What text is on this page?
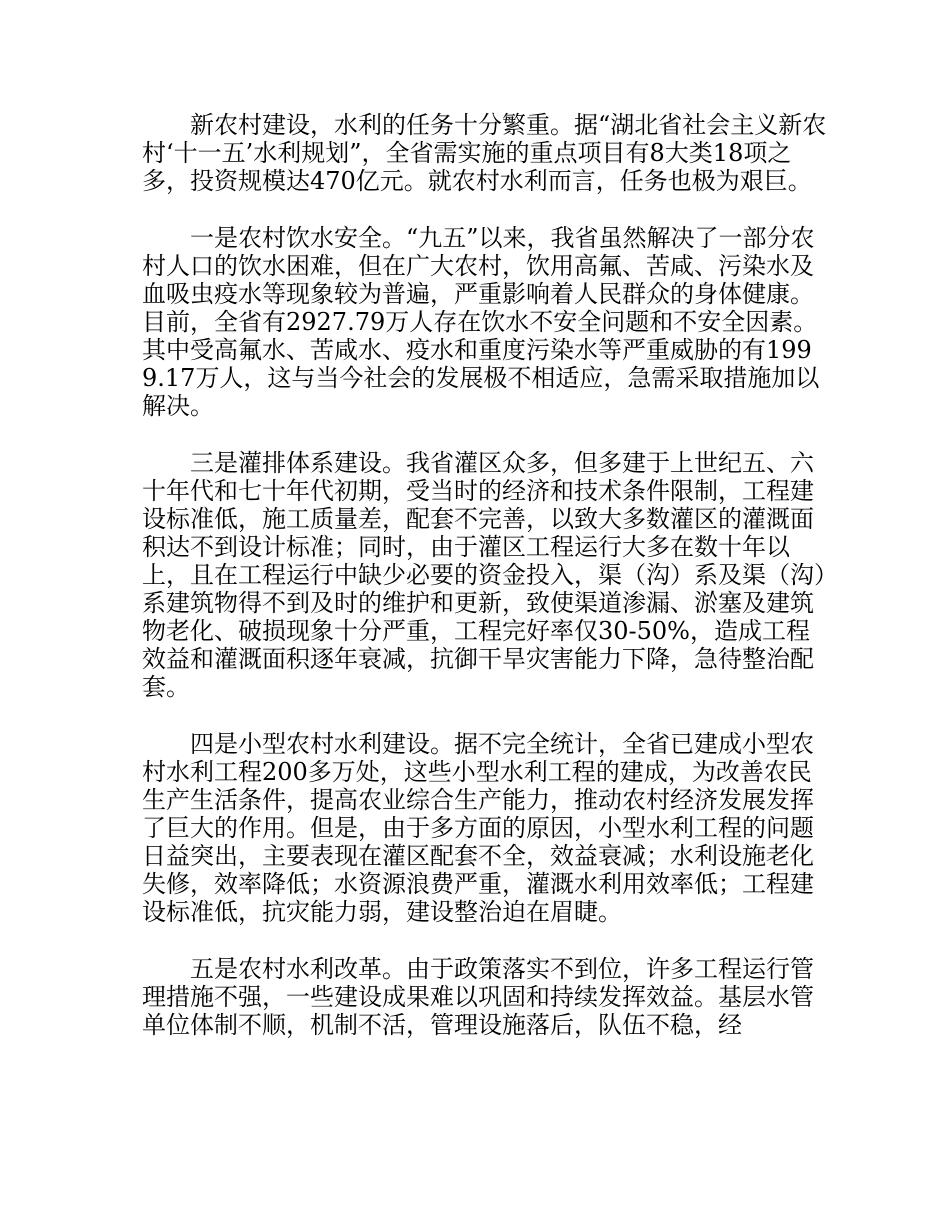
新农村建设，水利的任务十分繁重。据“湖北省社会主义新农村‘十一五’水利规划”，全省需实施的重点项目有8大类18项之多，投资规模达470亿元。就农村水利而言，任务也极为艰巨。

一是农村饮水安全。“九五”以来，我省虽然解决了一部分农村人口的饮水困难，但在广大农村，饮用高氟、苦咸、污染水及血吸虫疫水等现象较为普遍，严重影响着人民群众的身体健康。目前，全省有2927.79万人存在饮水不安全问题和不安全因素。其中受高氟水、苦咸水、疫水和重度污染水等严重威胁的有1999.17万人，这与当今社会的发展极不相适应，急需采取措施加以解决。

三是灌排体系建设。我省灌区众多，但多建于上世纪五、六十年代和七十年代初期，受当时的经济和技术条件限制，工程建设标准低，施工质量差，配套不完善，以致大多数灌区的灌溉面积达不到设计标准；同时，由于灌区工程运行大多在数十年以上，且在工程运行中缺少必要的资金投入，渠（沟）系及渠（沟）系建筑物得不到及时的维护和更新，致使渠道渗漏、淤塞及建筑物老化、破损现象十分严重，工程完好率仅30-50%，造成工程效益和灌溉面积逐年衰减，抗御干旱灾害能力下降，急待整治配套。

四是小型农村水利建设。据不完全统计，全省已建成小型农村水利工程200多万处，这些小型水利工程的建成，为改善农民生产生活条件，提高农业综合生产能力，推动农村经济发展发挥了巨大的作用。但是，由于多方面的原因，小型水利工程的问题日益突出，主要表现在灌区配套不全，效益衰减；水利设施老化失修，效率降低；水资源浪费严重，灌溉水利用效率低；工程建设标准低，抗灾能力弱，建设整治迫在眉睫。

五是农村水利改革。由于政策落实不到位，许多工程运行管理措施不强，一些建设成果难以巩固和持续发挥效益。基层水管单位体制不顺，机制不活，管理设施落后，队伍不稳，经
